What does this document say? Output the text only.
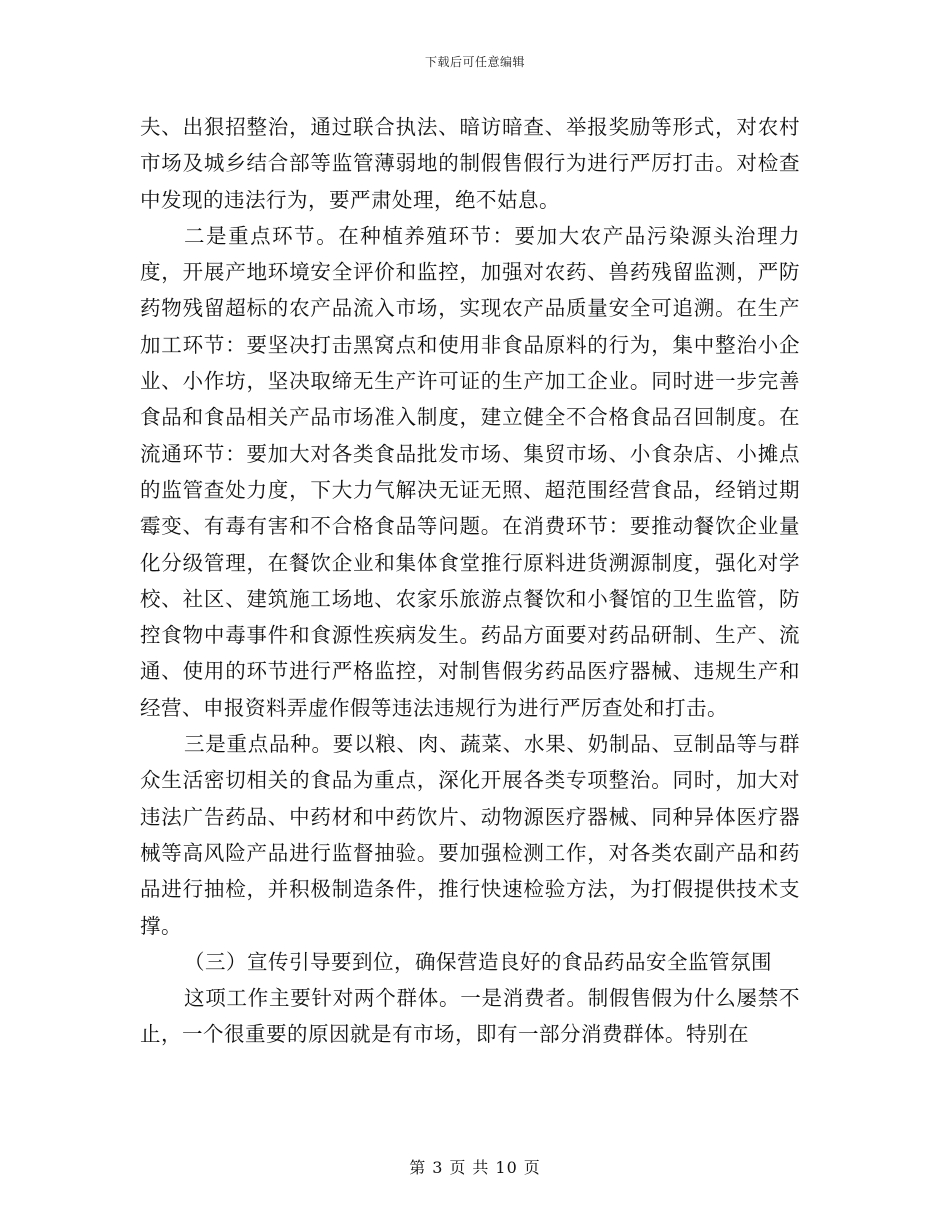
下载后可任意编辑

夫、出狠招整治，通过联合执法、暗访暗查、举报奖励等形式，对农村市场及城乡结合部等监管薄弱地的制假售假行为进行严厉打击。对检查中发现的违法行为，要严肃处理，绝不姑息。

二是重点环节。在种植养殖环节：要加大农产品污染源头治理力度，开展产地环境安全评价和监控，加强对农药、兽药残留监测，严防药物残留超标的农产品流入市场，实现农产品质量安全可追溯。在生产加工环节：要坚决打击黑窝点和使用非食品原料的行为，集中整治小企业、小作坊，坚决取缔无生产许可证的生产加工企业。同时进一步完善食品和食品相关产品市场准入制度，建立健全不合格食品召回制度。在流通环节：要加大对各类食品批发市场、集贸市场、小食杂店、小摊点的监管查处力度，下大力气解决无证无照、超范围经营食品，经销过期霉变、有毒有害和不合格食品等问题。在消费环节：要推动餐饮企业量化分级管理，在餐饮企业和集体食堂推行原料进货溯源制度，强化对学校、社区、建筑施工场地、农家乐旅游点餐饮和小餐馆的卫生监管，防控食物中毒事件和食源性疾病发生。药品方面要对药品研制、生产、流通、使用的环节进行严格监控，对制售假劣药品医疗器械、违规生产和经营、申报资料弄虚作假等违法违规行为进行严厉查处和打击。

三是重点品种。要以粮、肉、蔬菜、水果、奶制品、豆制品等与群众生活密切相关的食品为重点，深化开展各类专项整治。同时，加大对违法广告药品、中药材和中药饮片、动物源医疗器械、同种异体医疗器械等高风险产品进行监督抽验。要加强检测工作，对各类农副产品和药品进行抽检，并积极制造条件，推行快速检验方法，为打假提供技术支撑。

（三）宣传引导要到位，确保营造良好的食品药品安全监管氛围

这项工作主要针对两个群体。一是消费者。制假售假为什么屡禁不止，一个很重要的原因就是有市场，即有一部分消费群体。特别在

第 3 页 共 10 页
